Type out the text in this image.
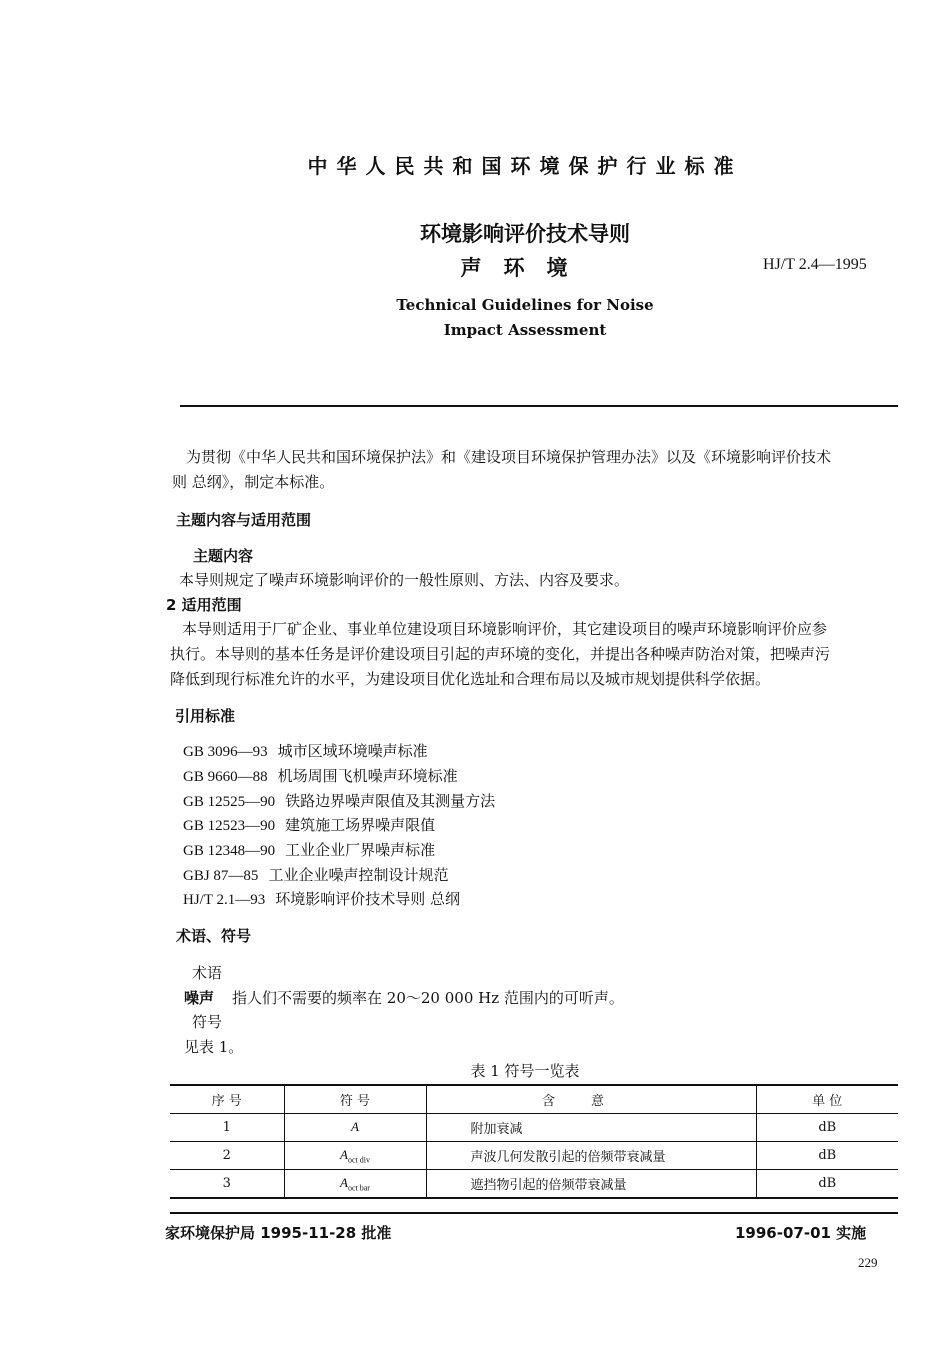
中华人民共和国环境保护行业标准
环境影响评价技术导则
声环境	HJ/T 2.4—1995
Technical Guidelines for Noise
Impact Assessment
为贯彻《中华人民共和国环境保护法》和《建设项目环境保护管理办法》以及《环境影响评价技术
则 总纲》，制定本标准。
主题内容与适用范围
主题内容
本导则规定了噪声环境影响评价的一般性原则、方法、内容及要求。
2 适用范围
本导则适用于厂矿企业、事业单位建设项目环境影响评价，其它建设项目的噪声环境影响评价应参
执行。本导则的基本任务是评价建设项目引起的声环境的变化，并提出各种噪声防治对策，把噪声污
降低到现行标准允许的水平，为建设项目优化选址和合理布局以及城市规划提供科学依据。
引用标准
GB 3096—93 城市区域环境噪声标准
GB 9660—88 机场周围飞机噪声环境标准
GB 12525—90 铁路边界噪声限值及其测量方法
GB 12523—90 建筑施工场界噪声限值
GB 12348—90 工业企业厂界噪声标准
GBJ 87—85 工业企业噪声控制设计规范
HJ/T 2.1—93 环境影响评价技术导则 总纲
术语、符号
术语
噪声 指人们不需要的频率在 20～20 000 Hz 范围内的可听声。
符号
见表 1。
表 1 符号一览表
序 号	符 号	含意	单 位
1	A	附加衰减	dB
2	$A_{oct div}$	声波几何发散引起的倍频带衰减量	dB
3	$A_{oct bar}$	遮挡物引起的倍频带衰减量	dB
家环境保护局 1995-11-28 批准	1996-07-01 实施
229
